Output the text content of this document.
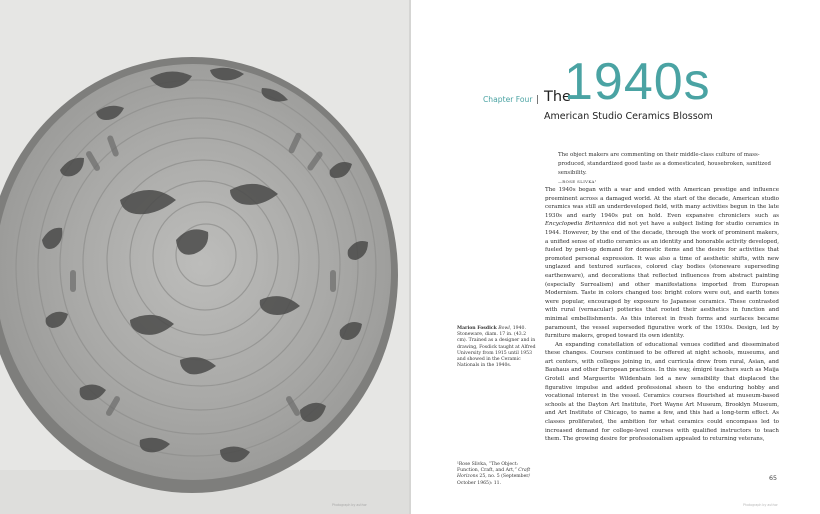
Photograph by author
Marion Fosdick Bowl, 1940. Stoneware, diam. 17 in. (43.2 cm). Trained as a designer and in drawing, Fosdick taught at Alfred University from 1915 until 1953 and showed in the Ceramic Nationals in the 1940s.
¹Rose Slivka, “The Object: Function, Craft, and Art,” Craft Horizons 25, no. 5 (September/ October 1965): 11.
Chapter Four The
1940s
American Studio Ceramics Blossom
The object makers are commenting on their middle-class culture of mass-produced, standardized good taste as a domesticated, housebroken, sanitized sensibility.
—ROSE SLIVKA¹

The 1940s began with a war and ended with American prestige and influence preeminent across a damaged world. At the start of the decade, American studio ceramics was still an underdeveloped field, with many activities begun in the late 1930s and early 1940s put on hold. Even expansive chroniclers such as Encyclopedia Britannica did not yet have a subject listing for studio ceramics in 1944. However, by the end of the decade, through the work of prominent makers, a unified sense of studio ceramics as an identity and honorable activity developed, fueled by pent-up demand for domestic items and the desire for activities that promoted personal expression. It was also a time of aesthetic shifts, with new unglazed and textured surfaces, colored clay bodies (stoneware superseding earthenware), and decorations that reflected influences from abstract painting (especially Surrealism) and other manifestations imported from European Modernism. Taste in colors changed too: bright colors were out, and earth tones were popular, encouraged by exposure to Japanese ceramics. These contrasted with rural (vernacular) potteries that rooted their aesthetics in function and minimal embellishments. As this interest in fresh forms and surfaces became paramount, the vessel superseded figurative work of the 1930s. Design, led by furniture makers, groped toward its own identity.

An expanding constellation of educational venues codified and disseminated these changes. Courses continued to be offered at night schools, museums, and art centers, with colleges joining in, and curricula drew from rural, Asian, and Bauhaus and other European practices. In this way, émigré teachers such as Maija Grotell and Marguerite Wildenhain led a new sensibility that displaced the figurative impulse and added professional sheen to the enduring hobby and vocational interest in the vessel. Ceramics courses flourished at museum-based schools at the Dayton Art Institute, Fort Wayne Art Museum, Brooklyn Museum, and Art Institute of Chicago, to name a few, and this had a long-term effect. As classes proliferated, the ambition for what ceramics could encompass led to increased demand for college-level courses with qualified instructors to teach them. The growing desire for professionalism appealed to returning veterans,

65
Photograph by author
